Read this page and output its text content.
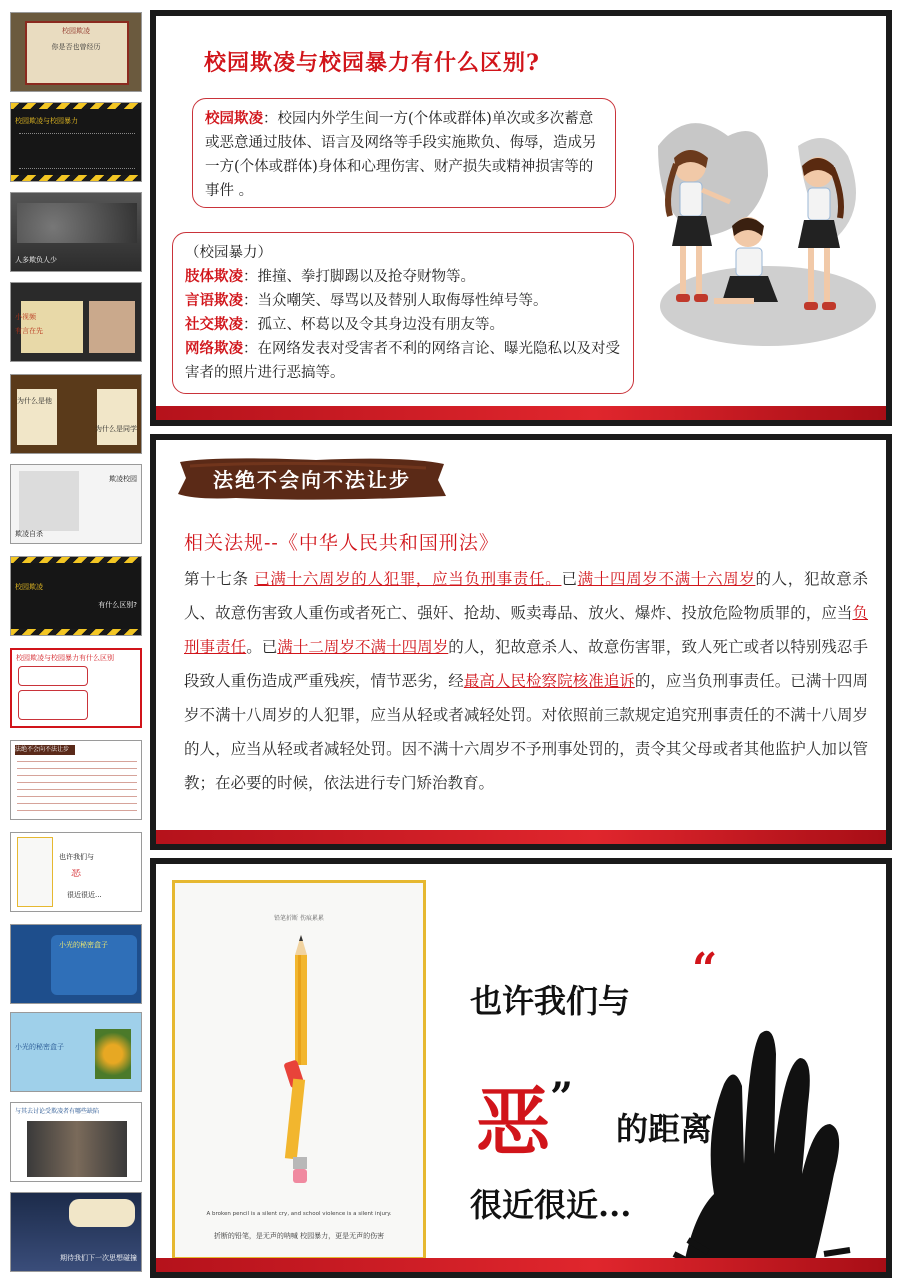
校园欺凌
你是否也曾经历
校园欺凌与校园暴力
人多欺负人少
小视频
有言在先
为什么是他
为什么是同学
欺凌校园
欺凌自杀
校园欺凌
有什么区别?
校园欺凌与校园暴力有什么区别
法绝不会向不法让步
也许我们与
恶
很近很近...
小光的秘密盒子
小光的秘密盒子
与其去讨论受欺凌者有哪些缺陷
期待我们下一次思想碰撞
校园欺凌与校园暴力有什么区别?
校园欺凌：校园内外学生间一方(个体或群体)单次或多次蓄意或恶意通过肢体、语言及网络等手段实施欺负、侮辱，造成另一方(个体或群体)身体和心理伤害、财产损失或精神损害等的事件 。
（校园暴力）
肢体欺凌：推撞、拳打脚踢以及抢夺财物等。
言语欺凌：当众嘲笑、辱骂以及替别人取侮辱性绰号等。
社交欺凌：孤立、杯葛以及令其身边没有朋友等。
网络欺凌：在网络发表对受害者不利的网络言论、曝光隐私以及对受害者的照片进行恶搞等。
法绝不会向不法让步
相关法规--《中华人民共和国刑法》
第十七条 已满十六周岁的人犯罪，应当负刑事责任。已满十四周岁不满十六周岁的人，犯故意杀人、故意伤害致人重伤或者死亡、强奸、抢劫、贩卖毒品、放火、爆炸、投放危险物质罪的，应当负刑事责任。已满十二周岁不满十四周岁的人，犯故意杀人、故意伤害罪，致人死亡或者以特别残忍手段致人重伤造成严重残疾，情节恶劣，经最高人民检察院核准追诉的，应当负刑事责任。已满十四周岁不满十八周岁的人犯罪，应当从轻或者减轻处罚。对依照前三款规定追究刑事责任的不满十八周岁的人，应当从轻或者减轻处罚。因不满十六周岁不予刑事处罚的，责令其父母或者其他监护人加以管教；在必要的时候，依法进行专门矫治教育。
铅笔折断 伤痕累累
A broken pencil is a silent cry, and school violence is a silent injury.
折断的铅笔，是无声的呐喊 校园暴力，更是无声的伤害
也许我们与
“
恶 ”
的距离
很近很近...
